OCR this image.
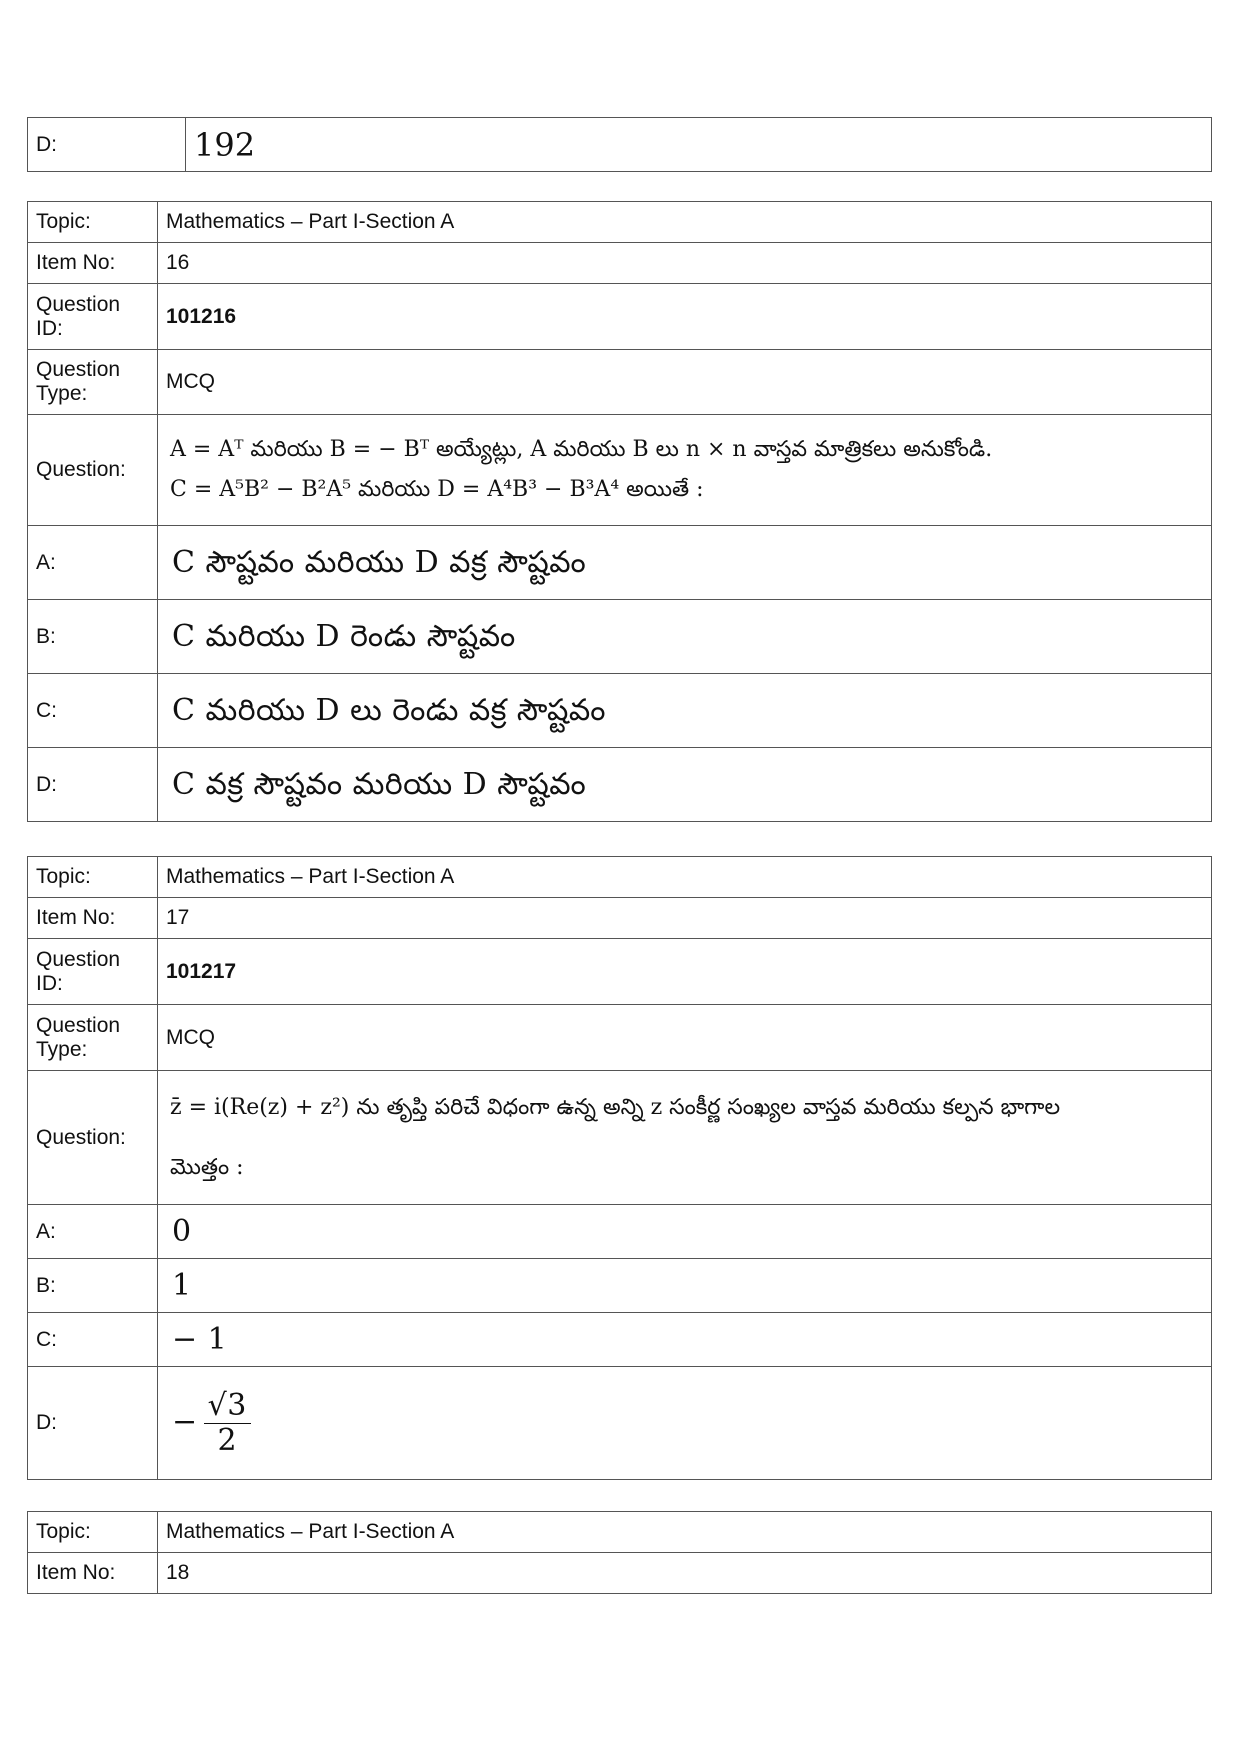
D:	192
Topic:	Mathematics – Part I-Section A
Item No:	16
Question ID:	101216
Question Type:	MCQ
Question:	A = Aᵀ మరియు B = − Bᵀ అయ్యేట్లు, A మరియు B లు n × n వాస్తవ మాత్రికలు అనుకోండి.
C = A⁵B² − B²A⁵ మరియు D = A⁴B³ − B³A⁴ అయితే :

A:	C సౌష్టవం మరియు D వక్ర సౌష్టవం
B:	C మరియు D రెండు సౌష్టవం
C:	C మరియు D లు రెండు వక్ర సౌష్టవం
D:	C వక్ర సౌష్టవం మరియు D సౌష్టవం
Topic:	Mathematics – Part I-Section A
Item No:	17
Question ID:	101217
Question Type:	MCQ
Question:	z̄ = i(Re(z) + z²) ను తృప్తి పరిచే విధంగా ఉన్న అన్ని z సంకీర్ణ సంఖ్యల వాస్తవ మరియు కల్పన భాగాల
మొత్తం :

A:	0
B:	1
C:	− 1
D:	− $\frac{√3}{2}$
Topic:	Mathematics – Part I-Section A
Item No:	18
